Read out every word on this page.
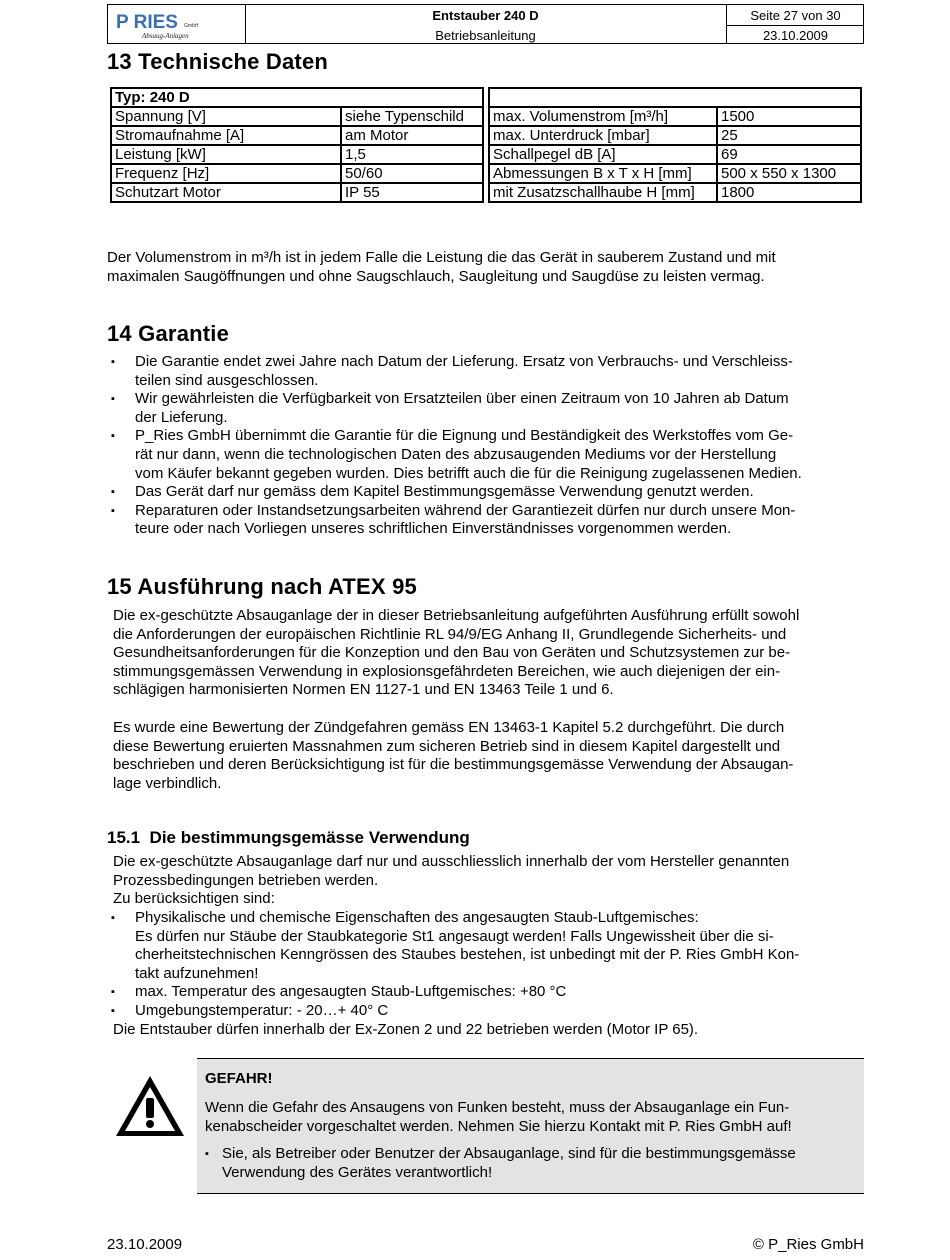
P RIES GmbH
Absaug-Anlagen
Entstauber 240 D
Betriebsanleitung
Seite 27 von 30
23.10.2009
13 Technische Daten
Typ: 240 D	
Spannung [V]	siehe Typenschild
Stromaufnahme [A]	am Motor
Leistung [kW]	1,5
Frequenz [Hz]	50/60
Schutzart Motor	IP 55

max. Volumenstrom [m³/h]	1500
max. Unterdruck [mbar]	25
Schallpegel dB [A]	69
Abmessungen B x T x H [mm]	500 x 550 x 1300
mit Zusatzschallhaube H [mm]	1800
Der Volumenstrom in m³/h ist in jedem Falle die Leistung die das Gerät in sauberem Zustand und mit
maximalen Saugöffnungen und ohne Saugschlauch, Saugleitung und Saugdüse zu leisten vermag.
14 Garantie
▪ Die Garantie endet zwei Jahre nach Datum der Lieferung. Ersatz von Verbrauchs- und Verschleiss-
teilen sind ausgeschlossen.
▪ Wir gewährleisten die Verfügbarkeit von Ersatzteilen über einen Zeitraum von 10 Jahren ab Datum
der Lieferung.
▪ P_Ries GmbH übernimmt die Garantie für die Eignung und Beständigkeit des Werkstoffes vom Ge-
rät nur dann, wenn die technologischen Daten des abzusaugenden Mediums vor der Herstellung
vom Käufer bekannt gegeben wurden. Dies betrifft auch die für die Reinigung zugelassenen Medien.
▪ Das Gerät darf nur gemäss dem Kapitel Bestimmungsgemässe Verwendung genutzt werden.
▪ Reparaturen oder Instandsetzungsarbeiten während der Garantiezeit dürfen nur durch unsere Mon-
teure oder nach Vorliegen unseres schriftlichen Einverständnisses vorgenommen werden.
15 Ausführung nach ATEX 95
Die ex-geschützte Absauganlage der in dieser Betriebsanleitung aufgeführten Ausführung erfüllt sowohl
die Anforderungen der europäischen Richtlinie RL 94/9/EG Anhang II, Grundlegende Sicherheits- und
Gesundheitsanforderungen für die Konzeption und den Bau von Geräten und Schutzsystemen zur be-
stimmungsgemässen Verwendung in explosionsgefährdeten Bereichen, wie auch diejenigen der ein-
schlägigen harmonisierten Normen EN 1127-1 und EN 13463 Teile 1 und 6.
Es wurde eine Bewertung der Zündgefahren gemäss EN 13463-1 Kapitel 5.2 durchgeführt. Die durch
diese Bewertung eruierten Massnahmen zum sicheren Betrieb sind in diesem Kapitel dargestellt und
beschrieben und deren Berücksichtigung ist für die bestimmungsgemässe Verwendung der Absaugan-
lage verbindlich.
15.1 Die bestimmungsgemässe Verwendung
Die ex-geschützte Absauganlage darf nur und ausschliesslich innerhalb der vom Hersteller genannten
Prozessbedingungen betrieben werden.
Zu berücksichtigen sind:
▪ Physikalische und chemische Eigenschaften des angesaugten Staub-Luftgemisches:
Es dürfen nur Stäube der Staubkategorie St1 angesaugt werden! Falls Ungewissheit über die si-
cherheitstechnischen Kenngrössen des Staubes bestehen, ist unbedingt mit der P. Ries GmbH Kon-
takt aufzunehmen!
▪ max. Temperatur des angesaugten Staub-Luftgemisches: +80 °C
▪ Umgebungstemperatur: - 20…+ 40° C
Die Entstauber dürfen innerhalb der Ex-Zonen 2 und 22 betrieben werden (Motor IP 65).
GEFAHR!
Wenn die Gefahr des Ansaugens von Funken besteht, muss der Absauganlage ein Fun-
kenabscheider vorgeschaltet werden. Nehmen Sie hierzu Kontakt mit P. Ries GmbH auf!
▪ Sie, als Betreiber oder Benutzer der Absauganlage, sind für die bestimmungsgemässe
Verwendung des Gerätes verantwortlich!
23.10.2009	© P_Ries GmbH
